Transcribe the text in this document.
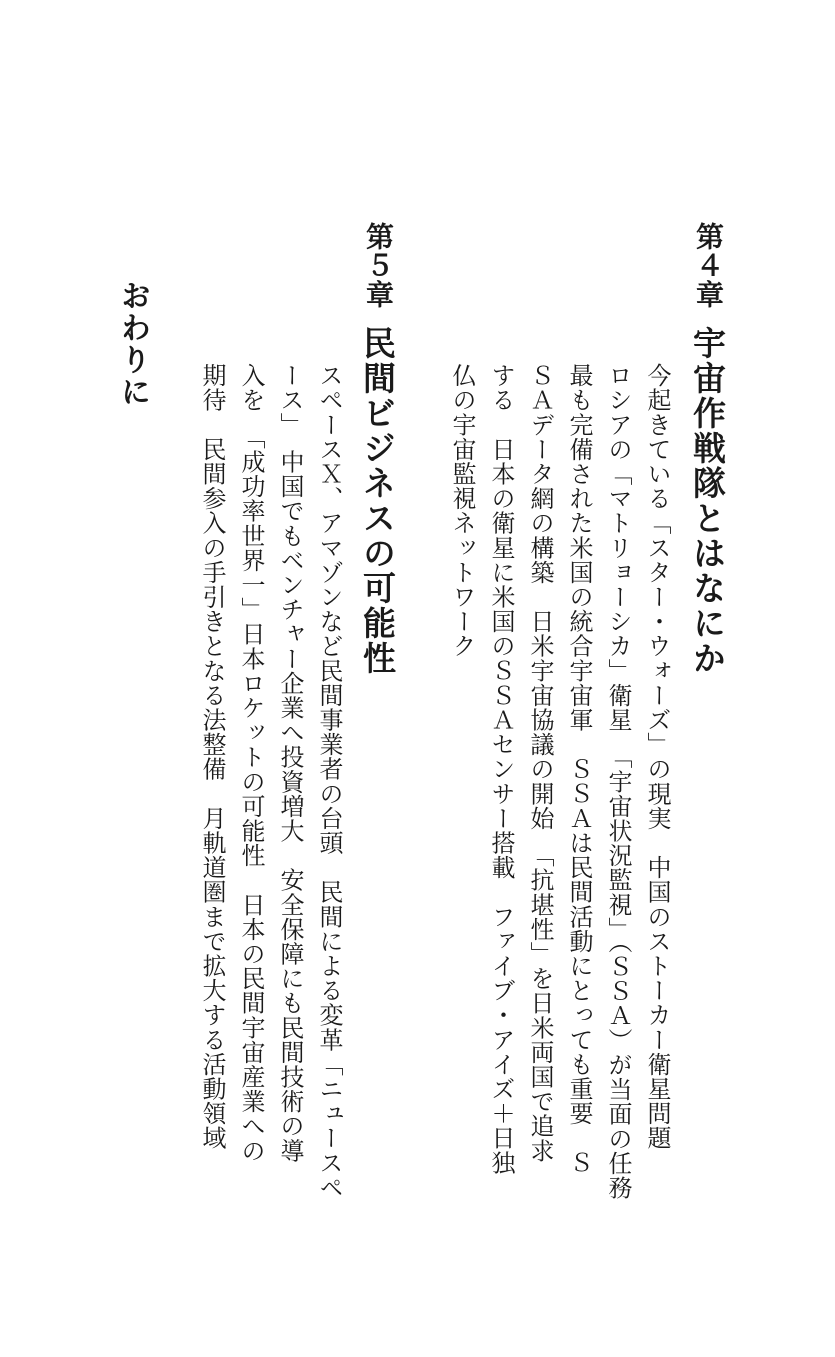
第４章
宇宙作戦隊とはなにか
今起きている「スター・ウォーズ」の現実　中国のストーカー衛星問題
ロシアの「マトリョーシカ」衛星　「宇宙状況監視」（ＳＳＡ）が当面の任務
最も完備された米国の統合宇宙軍　ＳＳＡは民間活動にとっても重要　Ｓ
ＳＡデータ網の構築　日米宇宙協議の開始　「抗堪性」を日米両国で追求
する　日本の衛星に米国のＳＳＡセンサー搭載　ファイブ・アイズ＋日独
仏の宇宙監視ネットワーク
第５章
民間ビジネスの可能性
スペースＸ、アマゾンなど民間事業者の台頭　民間による変革「ニュースペ
ース」　中国でもベンチャー企業へ投資増大　安全保障にも民間技術の導
入を　「成功率世界一」日本ロケットの可能性　日本の民間宇宙産業への
期待　民間参入の手引きとなる法整備　月軌道圏まで拡大する活動領域
おわりに
